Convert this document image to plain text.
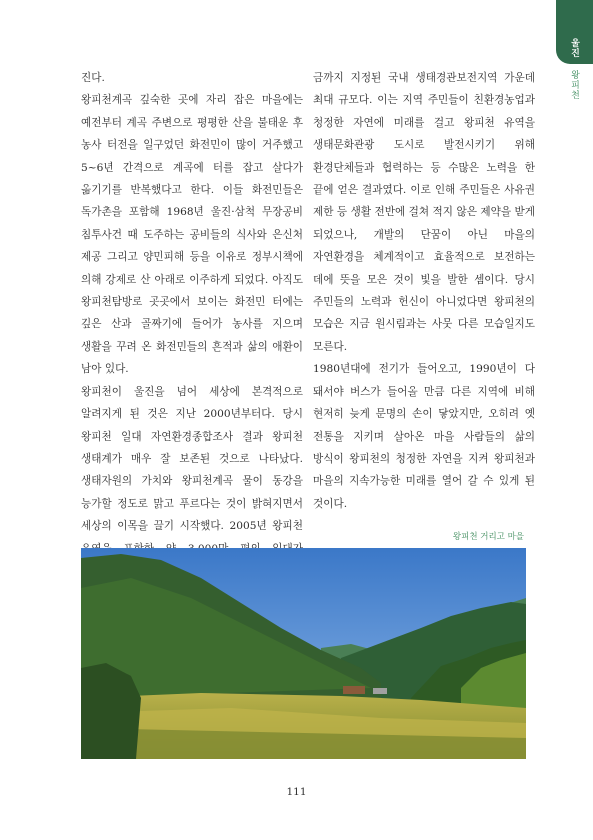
울진
왕피천

진다.

왕피천계곡 깊숙한 곳에 자리 잡은 마을에는 예전부터 계곡 주변으로 평평한 산을 불태운 후 농사 터전을 일구었던 화전민이 많이 거주했고 5~6년 간격으로 계곡에 터를 잡고 살다가 옮기기를 반복했다고 한다. 이들 화전민들은 독가촌을 포함해 1968년 울진·삼척 무장공비 침투사건 때 도주하는 공비들의 식사와 은신처 제공 그리고 양민피해 등을 이유로 정부시책에 의해 강제로 산 아래로 이주하게 되었다. 아직도 왕피천탐방로 곳곳에서 보이는 화전민 터에는 깊은 산과 골짜기에 들어가 농사를 지으며 생활을 꾸려 온 화전민들의 흔적과 삶의 애환이 남아 있다.

왕피천이 울진을 넘어 세상에 본격적으로 알려지게 된 것은 지난 2000년부터다. 당시 왕피천 일대 자연환경종합조사 결과 왕피천 생태계가 매우 잘 보존된 것으로 나타났다. 생태자원의 가치와 왕피천계곡 물이 동강을 능가할 정도로 맑고 푸르다는 것이 밝혀지면서 세상의 이목을 끌기 시작했다. 2005년 왕피천

금까지 지정된 국내 생태경관보전지역 가운데 최대 규모다. 이는 지역 주민들이 친환경농업과 청정한 자연에 미래를 걸고 왕피천 유역을 생태문화관광 도시로 발전시키기 위해 환경단체들과 협력하는 등 수많은 노력을 한 끝에 얻은 결과였다. 이로 인해 주민들은 사유권 제한 등 생활 전반에 걸쳐 적지 않은 제약을 받게 되었으나, 개발의 단꿈이 아닌 마을의 자연환경을 체계적이고 효율적으로 보전하는 데에 뜻을 모은 것이 빛을 발한 셈이다. 당시 주민들의 노력과 헌신이 아니었다면 왕피천의 모습은 지금 원시림과는 사뭇 다른 모습일지도 모른다.

1980년대에 전기가 들어오고, 1990년이 다 돼서야 버스가 들어올 만큼 다른 지역에 비해 현저히 늦게 문명의 손이 닿았지만, 오히려 옛 전통을 지키며 살아온 마을 사람들의 삶의 방식이 왕피천의 청정한 자연을 지켜 왕피천과 마을의 지속가능한 미래를 열어 갈 수 있게 된 것이다.

왕피천 거리고 마을
111
